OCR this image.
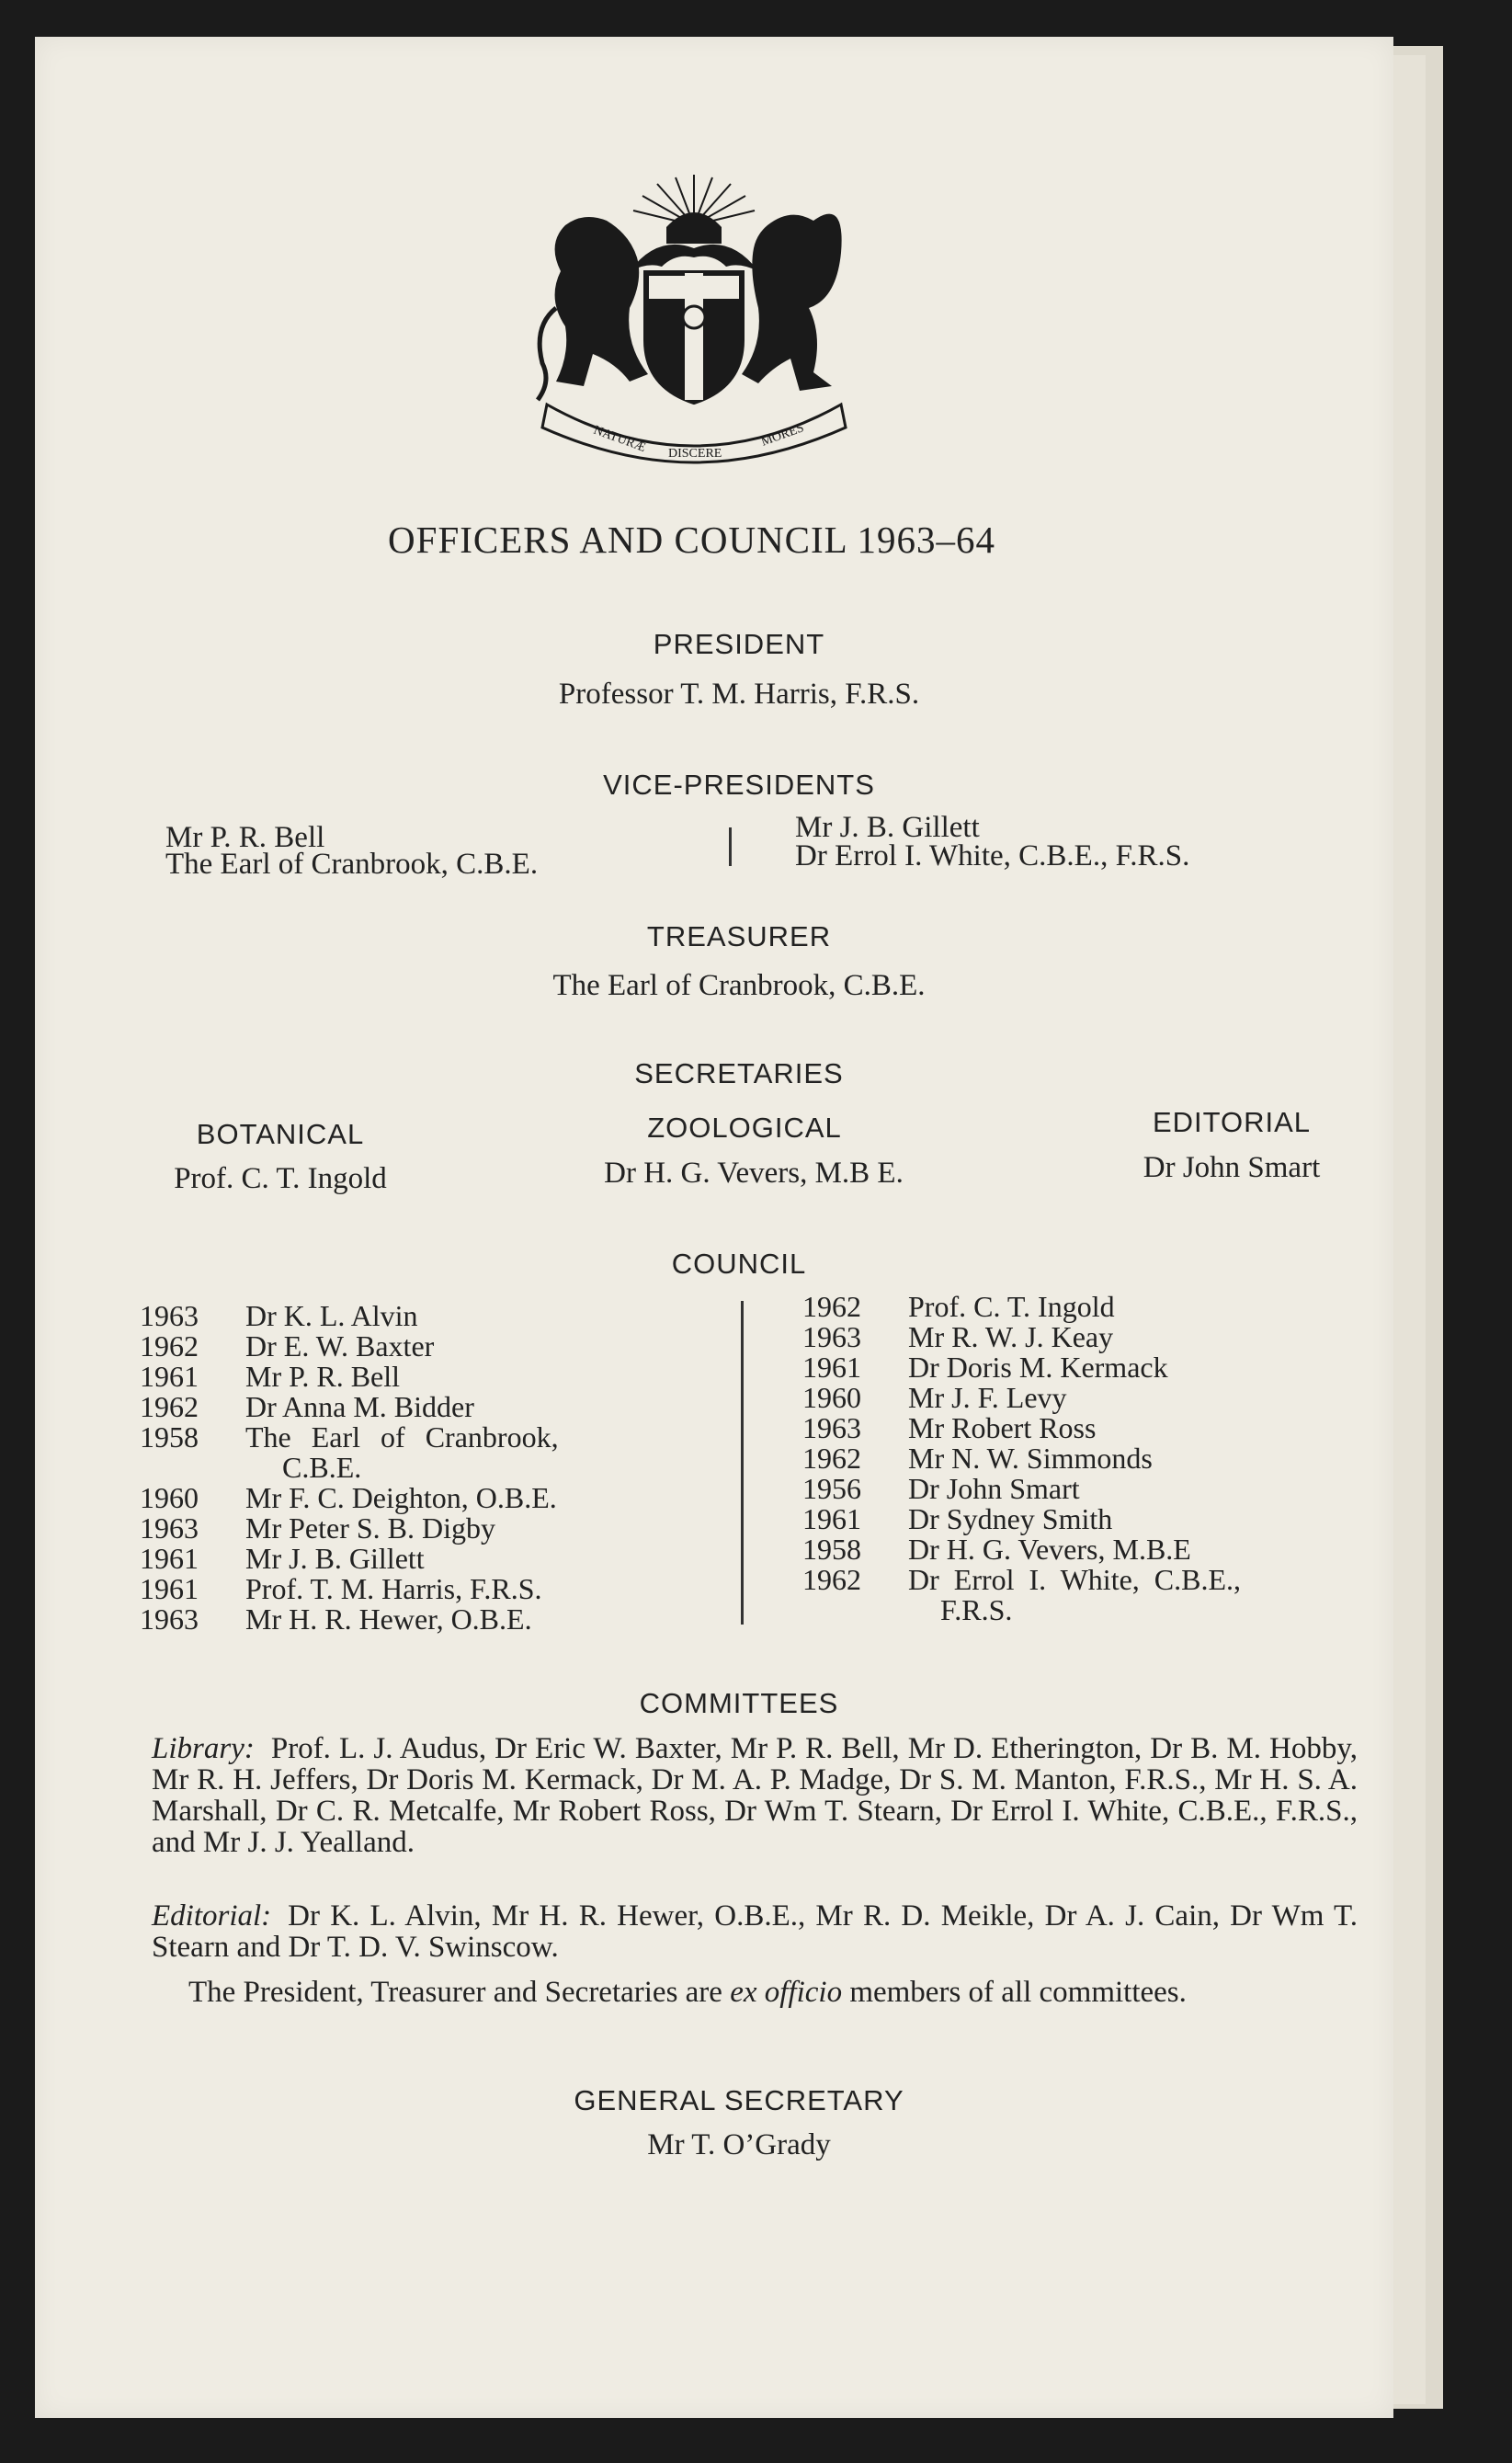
NATURÆ DISCERE
MORES
OFFICERS AND COUNCIL 1963–64
PRESIDENT
Professor T. M. Harris, F.R.S.
VICE-PRESIDENTS
Mr P. R. Bell
The Earl of Cranbrook, C.B.E.
Mr J. B. Gillett
Dr Errol I. White, C.B.E., F.R.S.
TREASURER
The Earl of Cranbrook, C.B.E.
SECRETARIES
BOTANICAL
Prof. C. T. Ingold
ZOOLOGICAL
Dr H. G. Vevers, M.B E.
EDITORIAL
Dr John Smart
COUNCIL
1963	Dr K. L. Alvin
1962	Dr E. W. Baxter
1961	Mr P. R. Bell
1962	Dr Anna M. Bidder
1958	The Earl of Cranbrook,
C.B.E.
1960	Mr F. C. Deighton, O.B.E.
1963	Mr Peter S. B. Digby
1961	Mr J. B. Gillett
1961	Prof. T. M. Harris, F.R.S.
1963	Mr H. R. Hewer, O.B.E.
1962	Prof. C. T. Ingold
1963	Mr R. W. J. Keay
1961	Dr Doris M. Kermack
1960	Mr J. F. Levy
1963	Mr Robert Ross
1962	Mr N. W. Simmonds
1956	Dr John Smart
1961	Dr Sydney Smith
1958	Dr H. G. Vevers, M.B.E
1962	Dr Errol I. White, C.B.E.,
F.R.S.
COMMITTEES
Library: Prof. L. J. Audus, Dr Eric W. Baxter, Mr P. R. Bell, Mr D. Etherington, Dr B. M. Hobby, Mr R. H. Jeffers, Dr Doris M. Kermack, Dr M. A. P. Madge, Dr S. M. Manton, F.R.S., Mr H. S. A. Marshall, Dr C. R. Metcalfe, Mr Robert Ross, Dr Wm T. Stearn, Dr Errol I. White, C.B.E., F.R.S., and Mr J. J. Yealland.
Editorial: Dr K. L. Alvin, Mr H. R. Hewer, O.B.E., Mr R. D. Meikle, Dr A. J. Cain, Dr Wm T. Stearn and Dr T. D. V. Swinscow.
The President, Treasurer and Secretaries are ex officio members of all committees.
GENERAL SECRETARY
Mr T. O’Grady
